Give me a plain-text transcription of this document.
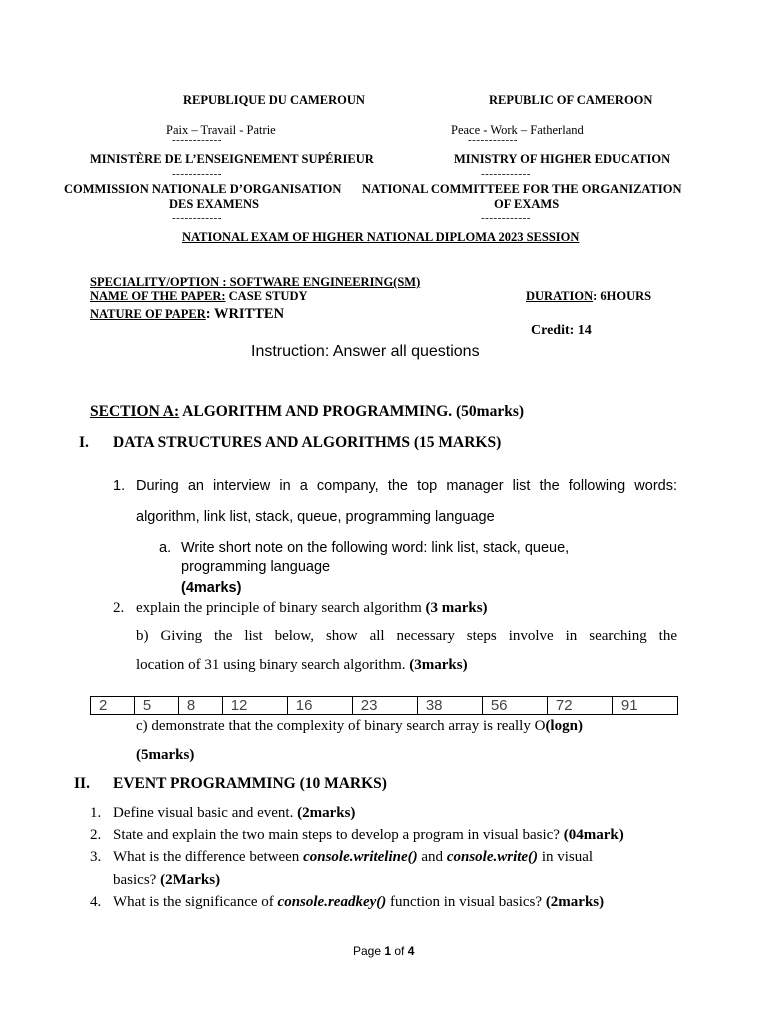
REPUBLIQUE DU CAMEROUN
Paix – Travail - Patrie
------------
MINISTÈRE DE L’ENSEIGNEMENT SUPÉRIEUR
------------
COMMISSION NATIONALE D’ORGANISATION
DES EXAMENS
------------
REPUBLIC OF CAMEROON
Peace - Work – Fatherland
------------
MINISTRY OF HIGHER EDUCATION
------------
NATIONAL COMMITTEEE FOR THE ORGANIZATION
OF EXAMS
------------
NATIONAL EXAM OF HIGHER NATIONAL DIPLOMA 2023 SESSION
SPECIALITY/OPTION : SOFTWARE ENGINEERING(SM)
NAME OF THE PAPER: CASE STUDY
NATURE OF PAPER: WRITTEN
DURATION: 6HOURS
Credit: 14
Instruction: Answer all questions
SECTION A: ALGORITHM AND PROGRAMMING. (50marks)
I. DATA STRUCTURES AND ALGORITHMS (15 MARKS)
1. During an interview in a company, the top manager list the following words:
algorithm, link list, stack, queue, programming language
a. Write short note on the following word: link list, stack, queue,
programming language
(4marks)
2. explain the principle of binary search algorithm (3 marks)
b) Giving the list below, show all necessary steps involve in searching the
location of 31 using binary search algorithm. (3marks)
2	5	8	12	16	23	38	56	72	91
c) demonstrate that the complexity of binary search array is really O(logn)
(5marks)
II. EVENT PROGRAMMING (10 MARKS)
1. Define visual basic and event. (2marks)
2. State and explain the two main steps to develop a program in visual basic? (04mark)
3. What is the difference between console.writeline() and console.write() in visual
basics? (2Marks)
4. What is the significance of console.readkey() function in visual basics? (2marks)
Page 1 of 4
